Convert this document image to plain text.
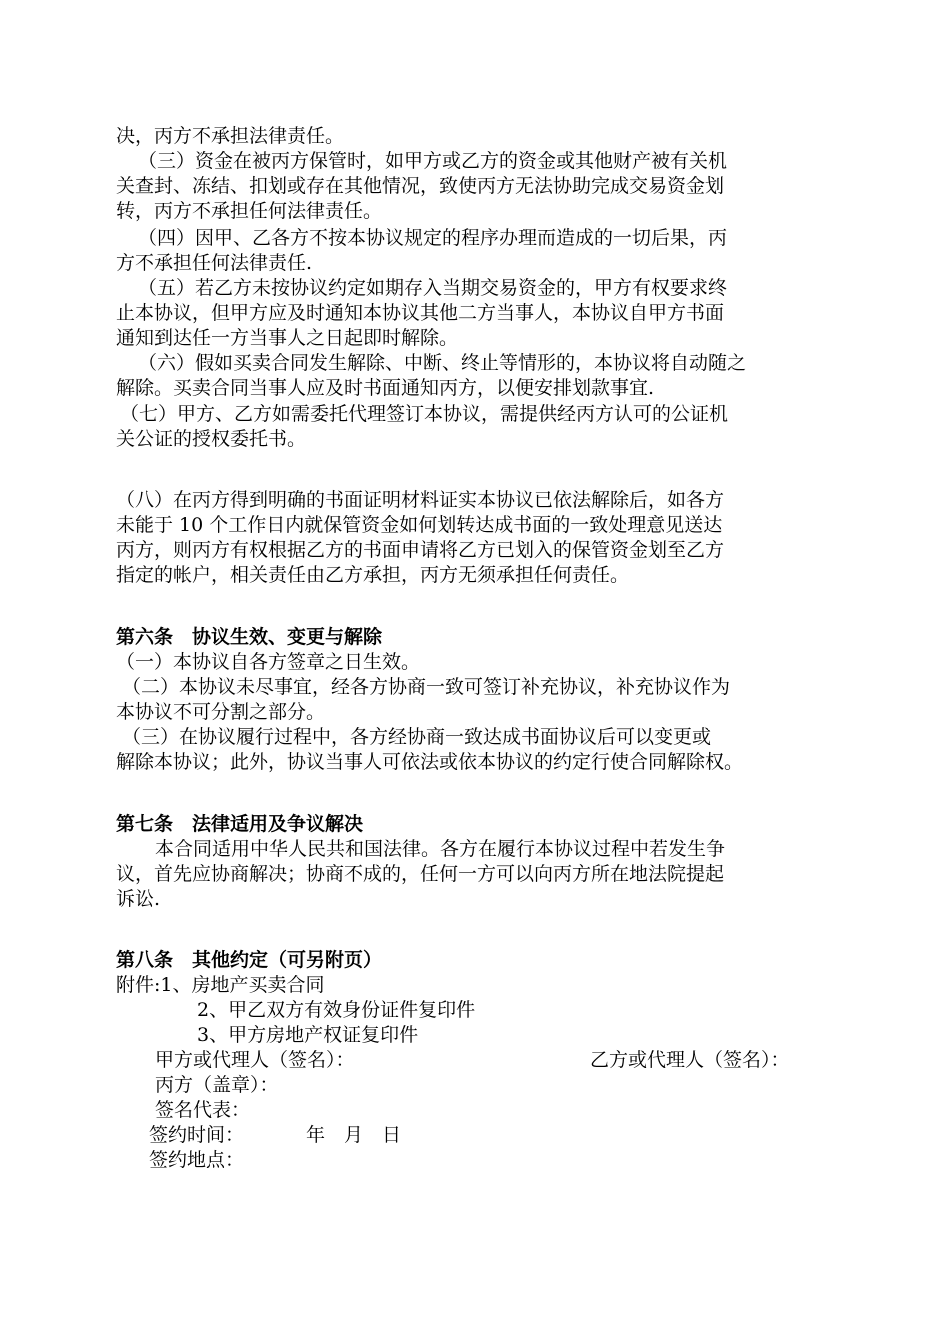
决，丙方不承担法律责任。
（三）资金在被丙方保管时，如甲方或乙方的资金或其他财产被有关机
关查封、冻结、扣划或存在其他情况，致使丙方无法协助完成交易资金划
转，丙方不承担任何法律责任。
（四）因甲、乙各方不按本协议规定的程序办理而造成的一切后果，丙
方不承担任何法律责任.
（五）若乙方未按协议约定如期存入当期交易资金的，甲方有权要求终
止本协议，但甲方应及时通知本协议其他二方当事人，本协议自甲方书面
通知到达任一方当事人之日起即时解除。
（六）假如买卖合同发生解除、中断、终止等情形的，本协议将自动随之
解除。买卖合同当事人应及时书面通知丙方，以便安排划款事宜.
（七）甲方、乙方如需委托代理签订本协议，需提供经丙方认可的公证机
关公证的授权委托书。
（八）在丙方得到明确的书面证明材料证实本协议已依法解除后，如各方
未能于 10 个工作日内就保管资金如何划转达成书面的一致处理意见送达
丙方，则丙方有权根据乙方的书面申请将乙方已划入的保管资金划至乙方
指定的帐户，相关责任由乙方承担，丙方无须承担任何责任。
第六条　协议生效、变更与解除
（一）本协议自各方签章之日生效。
（二）本协议未尽事宜，经各方协商一致可签订补充协议，补充协议作为
本协议不可分割之部分。
（三）在协议履行过程中，各方经协商一致达成书面协议后可以变更或
解除本协议；此外，协议当事人可依法或依本协议的约定行使合同解除权。
第七条　法律适用及争议解决
本合同适用中华人民共和国法律。各方在履行本协议过程中若发生争
议，首先应协商解决；协商不成的，任何一方可以向丙方所在地法院提起
诉讼.
第八条　其他约定（可另附页）
附件:1、房地产买卖合同
2、甲乙双方有效身份证件复印件
3、甲方房地产权证复印件
甲方或代理人（签名）：	乙方或代理人（签名）：
丙方（盖章）：
签名代表：
签约时间：	年　月　日
签约地点：
